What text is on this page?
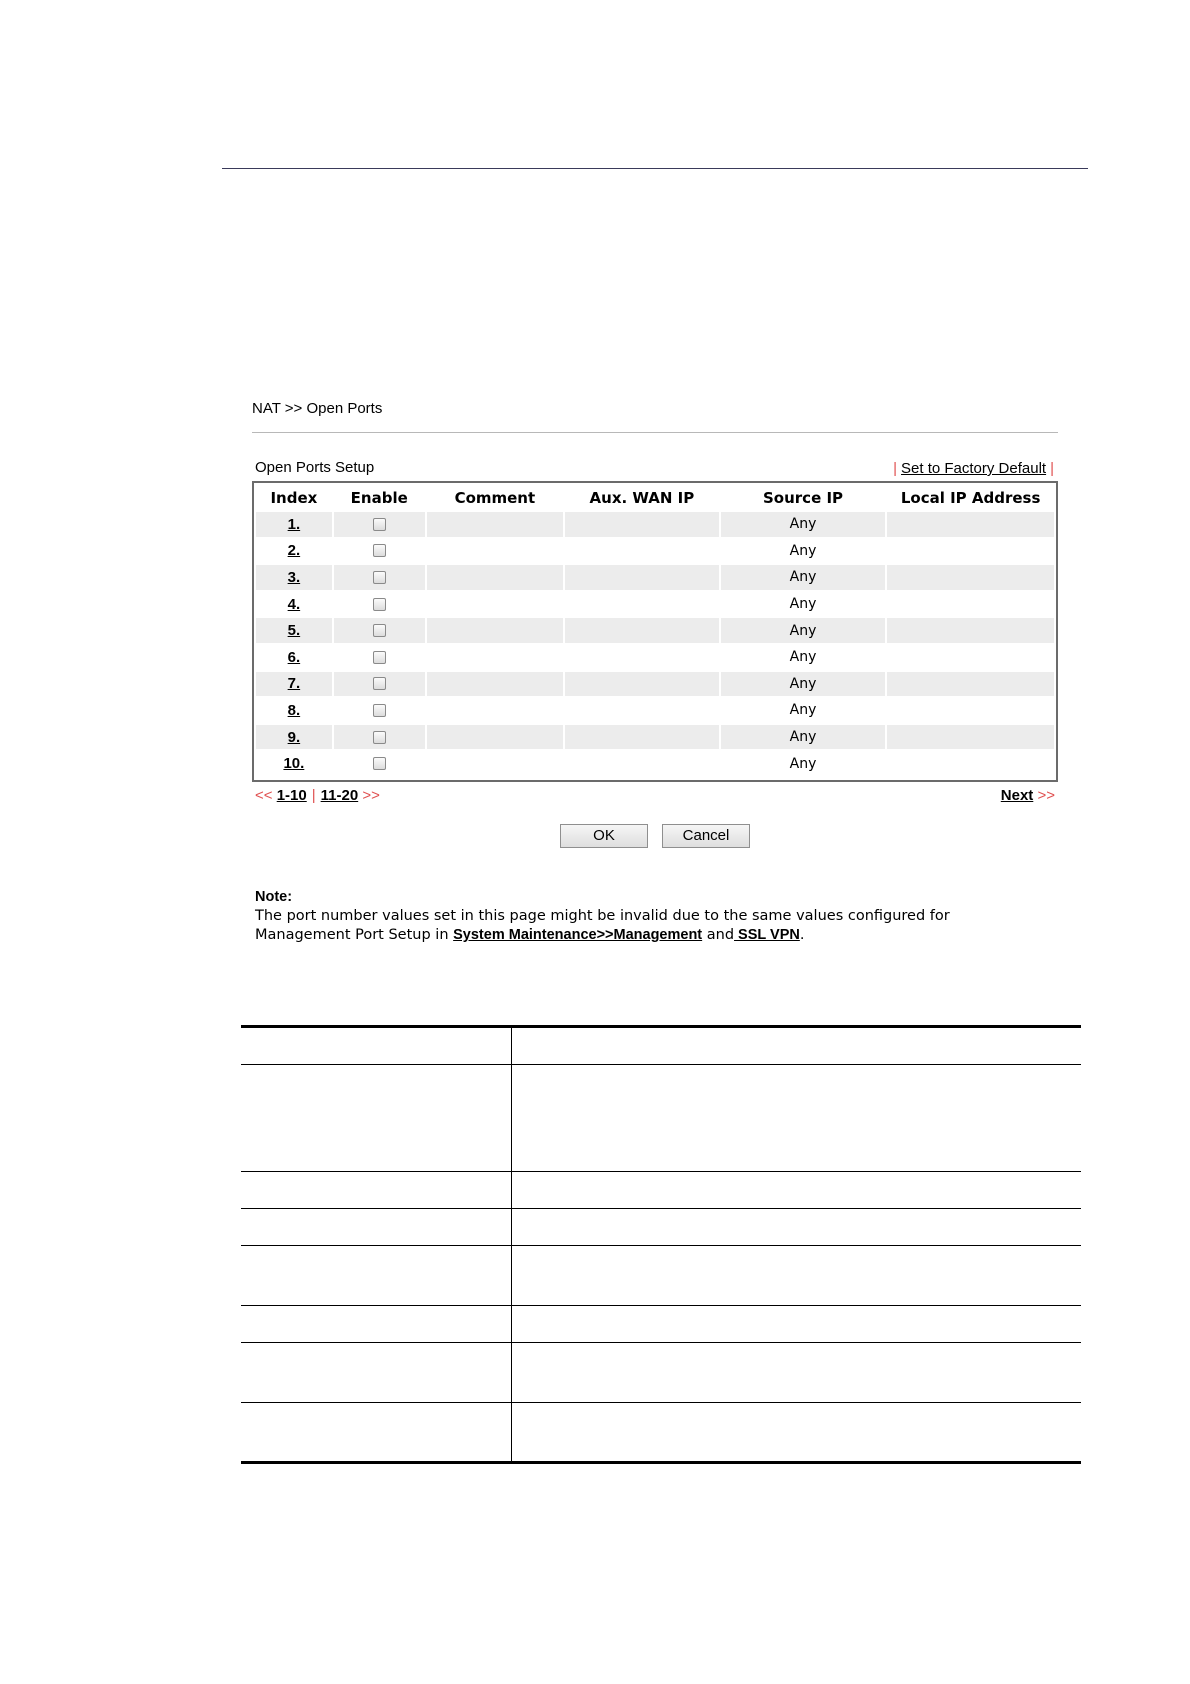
NAT >> Open Ports
Open Ports Setup	| Set to Factory Default |
Index	Enable	Comment	Aux. WAN IP	Source IP	Local IP Address
1.				Any	
2.				Any	
3.				Any	
4.				Any	
5.				Any	
6.				Any	
7.				Any	
8.				Any	
9.				Any	
10.				Any	
<< 1-10 | 11-20 >>	Next >>
OK	Cancel
Note:
The port number values set in this page might be invalid due to the same values configured for
Management Port Setup in System Maintenance>>Management and SSL VPN.
